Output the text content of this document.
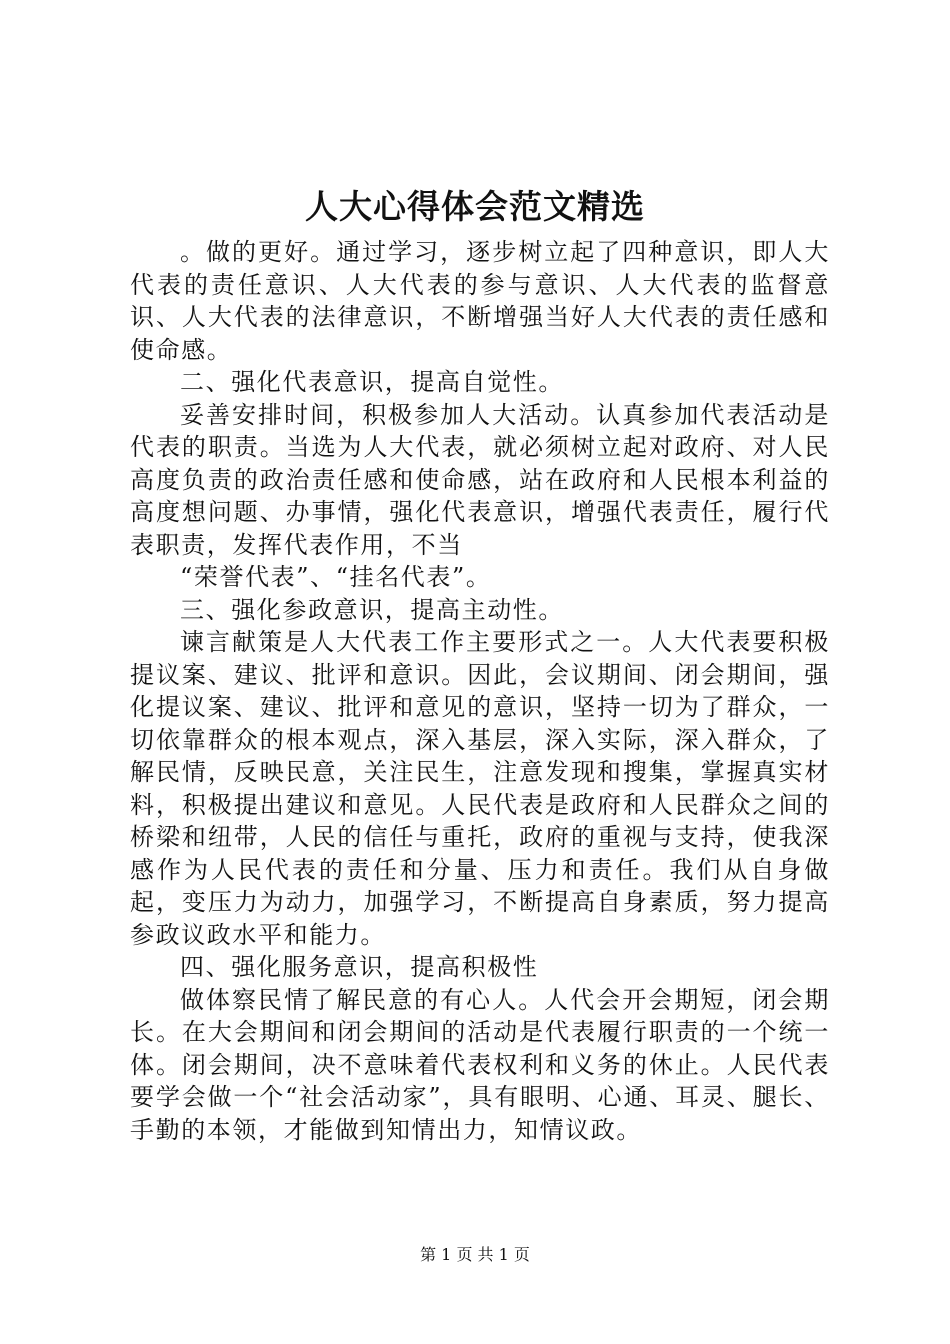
人大心得体会范文精选

。做的更好。通过学习，逐步树立起了四种意识，即人大代表的责任意识、人大代表的参与意识、人大代表的监督意识、人大代表的法律意识，不断增强当好人大代表的责任感和使命感。

二、强化代表意识，提高自觉性。

妥善安排时间，积极参加人大活动。认真参加代表活动是代表的职责。当选为人大代表，就必须树立起对政府、对人民高度负责的政治责任感和使命感，站在政府和人民根本利益的高度想问题、办事情，强化代表意识，增强代表责任，履行代表职责，发挥代表作用，不当

“荣誉代表”、“挂名代表”。

三、强化参政意识，提高主动性。

谏言献策是人大代表工作主要形式之一。人大代表要积极提议案、建议、批评和意识。因此，会议期间、闭会期间，强化提议案、建议、批评和意见的意识，坚持一切为了群众，一切依靠群众的根本观点，深入基层，深入实际，深入群众，了解民情，反映民意，关注民生，注意发现和搜集，掌握真实材料，积极提出建议和意见。人民代表是政府和人民群众之间的桥梁和纽带，人民的信任与重托，政府的重视与支持，使我深感作为人民代表的责任和分量、压力和责任。我们从自身做起，变压力为动力，加强学习，不断提高自身素质，努力提高参政议政水平和能力。

四、强化服务意识，提高积极性

做体察民情了解民意的有心人。人代会开会期短，闭会期长。在大会期间和闭会期间的活动是代表履行职责的一个统一体。闭会期间，决不意味着代表权利和义务的休止。人民代表要学会做一个“社会活动家”，具有眼明、心通、耳灵、腿长、手勤的本领，才能做到知情出力，知情议政。

第 1 页 共 1 页
